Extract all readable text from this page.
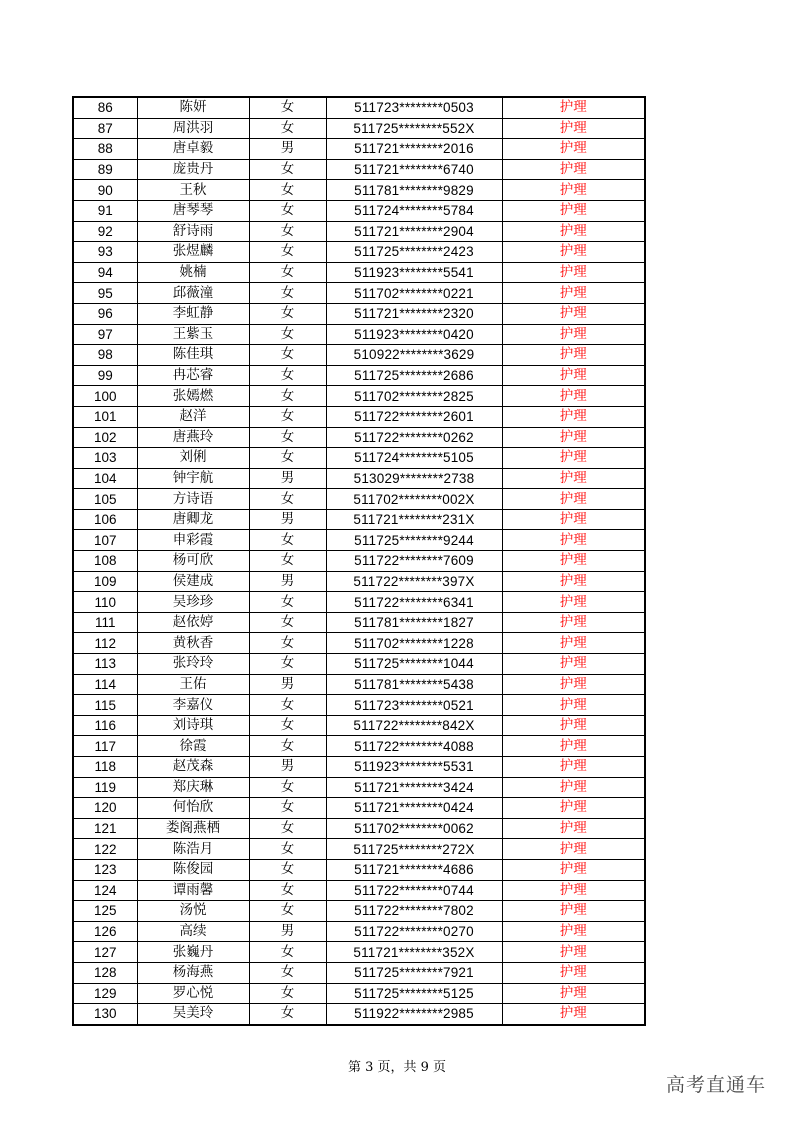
86	陈妍	女	511723********0503	护理
87	周洪羽	女	511725********552X	护理
88	唐卓毅	男	511721********2016	护理
89	庞贵丹	女	511721********6740	护理
90	王秋	女	511781********9829	护理
91	唐琴琴	女	511724********5784	护理
92	舒诗雨	女	511721********2904	护理
93	张煜麟	女	511725********2423	护理
94	姚楠	女	511923********5541	护理
95	邱薇潼	女	511702********0221	护理
96	李虹静	女	511721********2320	护理
97	王紫玉	女	511923********0420	护理
98	陈佳琪	女	510922********3629	护理
99	冉芯睿	女	511725********2686	护理
100	张嫣燃	女	511702********2825	护理
101	赵洋	女	511722********2601	护理
102	唐燕玲	女	511722********0262	护理
103	刘俐	女	511724********5105	护理
104	钟宇航	男	513029********2738	护理
105	方诗语	女	511702********002X	护理
106	唐卿龙	男	511721********231X	护理
107	申彩霞	女	511725********9244	护理
108	杨可欣	女	511722********7609	护理
109	侯建成	男	511722********397X	护理
110	吴珍珍	女	511722********6341	护理
111	赵依婷	女	511781********1827	护理
112	黄秋香	女	511702********1228	护理
113	张玲玲	女	511725********1044	护理
114	王佑	男	511781********5438	护理
115	李嘉仪	女	511723********0521	护理
116	刘诗琪	女	511722********842X	护理
117	徐霞	女	511722********4088	护理
118	赵茂森	男	511923********5531	护理
119	郑庆琳	女	511721********3424	护理
120	何怡欣	女	511721********0424	护理
121	娄阁燕栖	女	511702********0062	护理
122	陈浩月	女	511725********272X	护理
123	陈俊园	女	511721********4686	护理
124	谭雨馨	女	511722********0744	护理
125	汤悦	女	511722********7802	护理
126	高续	男	511722********0270	护理
127	张巍丹	女	511721********352X	护理
128	杨海燕	女	511725********7921	护理
129	罗心悦	女	511725********5125	护理
130	吴美玲	女	511922********2985	护理
第 3 页，共 9 页
高考直通车
